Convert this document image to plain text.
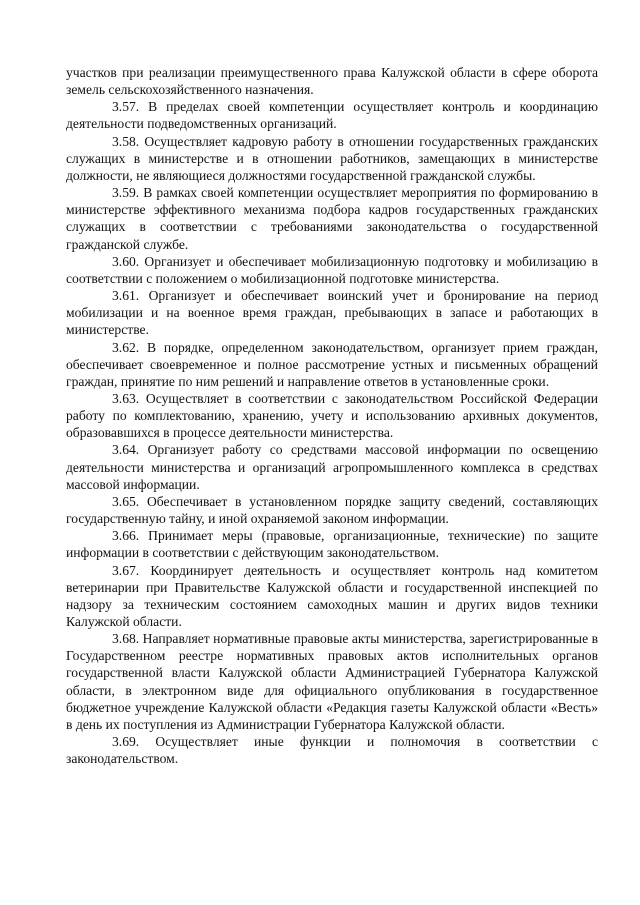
участков при реализации преимущественного права Калужской области в сфере оборота земель сельскохозяйственного назначения.

3.57. В пределах своей компетенции осуществляет контроль и координацию деятельности подведомственных организаций.

3.58. Осуществляет кадровую работу в отношении государственных гражданских служащих в министерстве и в отношении работников, замещающих в министерстве должности, не являющиеся должностями государственной гражданской службы.

3.59. В рамках своей компетенции осуществляет мероприятия по формированию в министерстве эффективного механизма подбора кадров государственных гражданских служащих в соответствии с требованиями законодательства о государственной гражданской службе.

3.60. Организует и обеспечивает мобилизационную подготовку и мобилизацию в соответствии с положением о мобилизационной подготовке министерства.

3.61. Организует и обеспечивает воинский учет и бронирование на период мобилизации и на военное время граждан, пребывающих в запасе и работающих в министерстве.

3.62. В порядке, определенном законодательством, организует прием граждан, обеспечивает своевременное и полное рассмотрение устных и письменных обращений граждан, принятие по ним решений и направление ответов в установленные сроки.

3.63. Осуществляет в соответствии с законодательством Российской Федерации работу по комплектованию, хранению, учету и использованию архивных документов, образовавшихся в процессе деятельности министерства.

3.64. Организует работу со средствами массовой информации по освещению деятельности министерства и организаций агропромышленного комплекса в средствах массовой информации.

3.65. Обеспечивает в установленном порядке защиту сведений, составляющих государственную тайну, и иной охраняемой законом информации.

3.66. Принимает меры (правовые, организационные, технические) по защите информации в соответствии с действующим законодательством.

3.67. Координирует деятельность и осуществляет контроль над комитетом ветеринарии при Правительстве Калужской области и государственной инспекцией по надзору за техническим состоянием самоходных машин и других видов техники Калужской области.

3.68. Направляет нормативные правовые акты министерства, зарегистрированные в Государственном реестре нормативных правовых актов исполнительных органов государственной власти Калужской области Администрацией Губернатора Калужской области, в электронном виде для официального опубликования в государственное бюджетное учреждение Калужской области «Редакция газеты Калужской области «Весть» в день их поступления из Администрации Губернатора Калужской области.

3.69. Осуществляет иные функции и полномочия в соответствии с законодательством.
